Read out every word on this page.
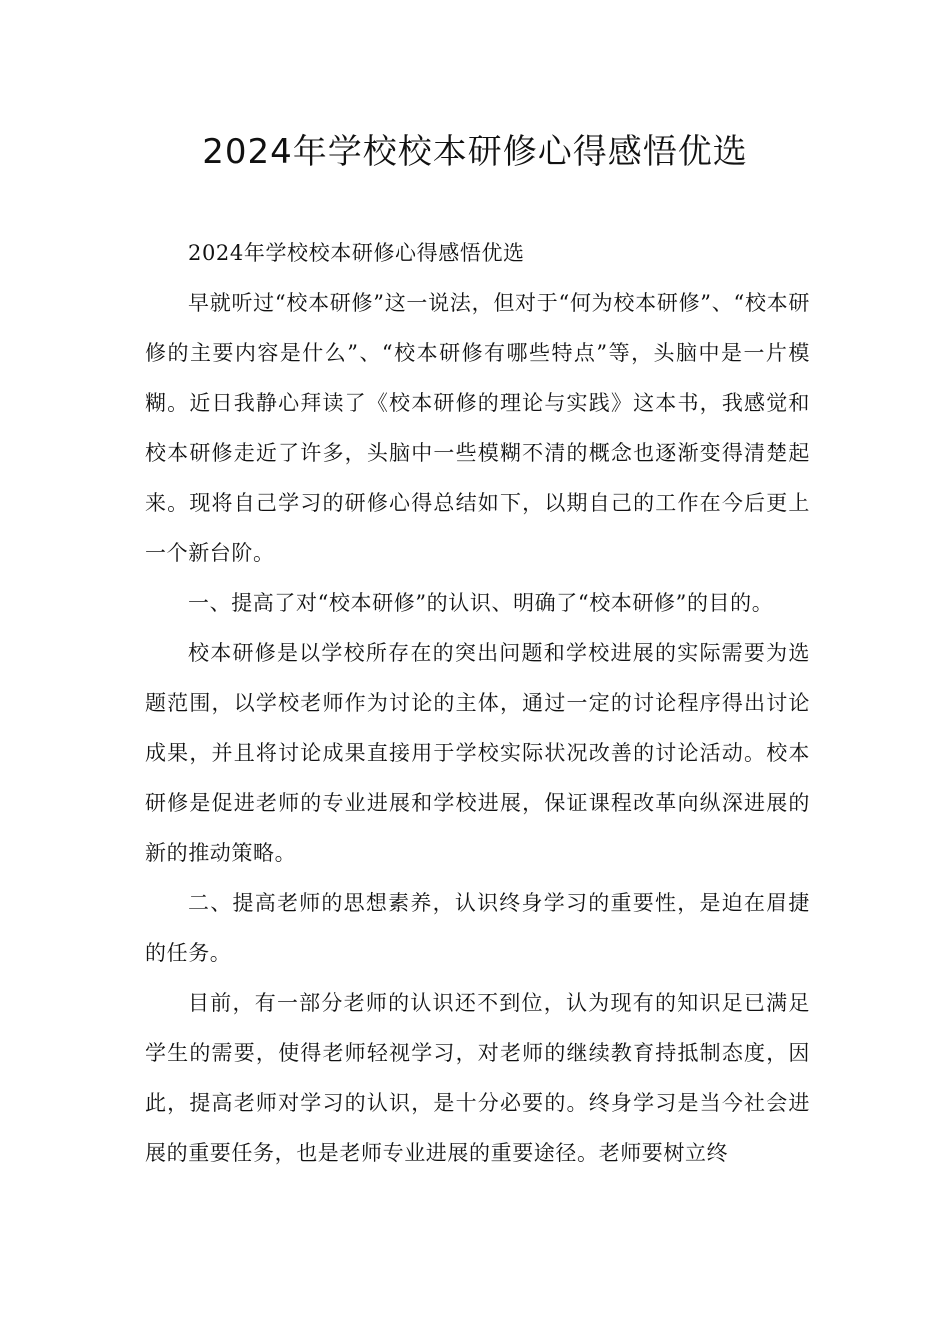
2024年学校校本研修心得感悟优选

2024年学校校本研修心得感悟优选

早就听过“校本研修”这一说法，但对于“何为校本研修”、“校本研修的主要内容是什么”、“校本研修有哪些特点”等，头脑中是一片模糊。近日我静心拜读了《校本研修的理论与实践》这本书，我感觉和校本研修走近了许多，头脑中一些模糊不清的概念也逐渐变得清楚起来。现将自己学习的研修心得总结如下，以期自己的工作在今后更上一个新台阶。

一、提高了对“校本研修”的认识、明确了“校本研修”的目的。

校本研修是以学校所存在的突出问题和学校进展的实际需要为选题范围，以学校老师作为讨论的主体，通过一定的讨论程序得出讨论成果，并且将讨论成果直接用于学校实际状况改善的讨论活动。校本研修是促进老师的专业进展和学校进展，保证课程改革向纵深进展的新的推动策略。

二、提高老师的思想素养，认识终身学习的重要性，是迫在眉捷的任务。

目前，有一部分老师的认识还不到位，认为现有的知识足已满足学生的需要，使得老师轻视学习，对老师的继续教育持抵制态度，因此，提高老师对学习的认识，是十分必要的。终身学习是当今社会进展的重要任务，也是老师专业进展的重要途径。老师要树立终
